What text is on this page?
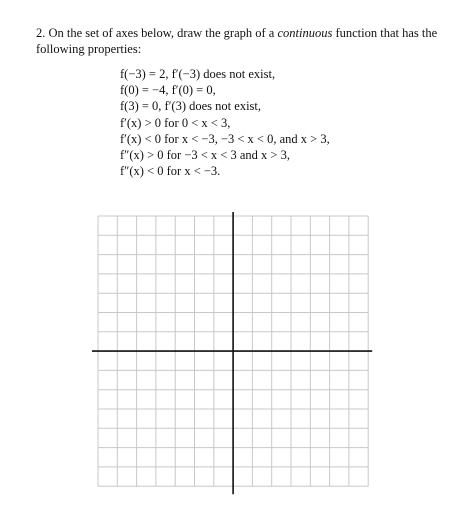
2. On the set of axes below, draw the graph of a continuous function that has the following properties:
f(−3) = 2, f′(−3) does not exist,
f(0) = −4, f′(0) = 0,
f(3) = 0, f′(3) does not exist,
f′(x) > 0 for 0 < x < 3,
f′(x) < 0 for x < −3, −3 < x < 0, and x > 3,
f″(x) > 0 for −3 < x < 3 and x > 3,
f″(x) < 0 for x < −3.
